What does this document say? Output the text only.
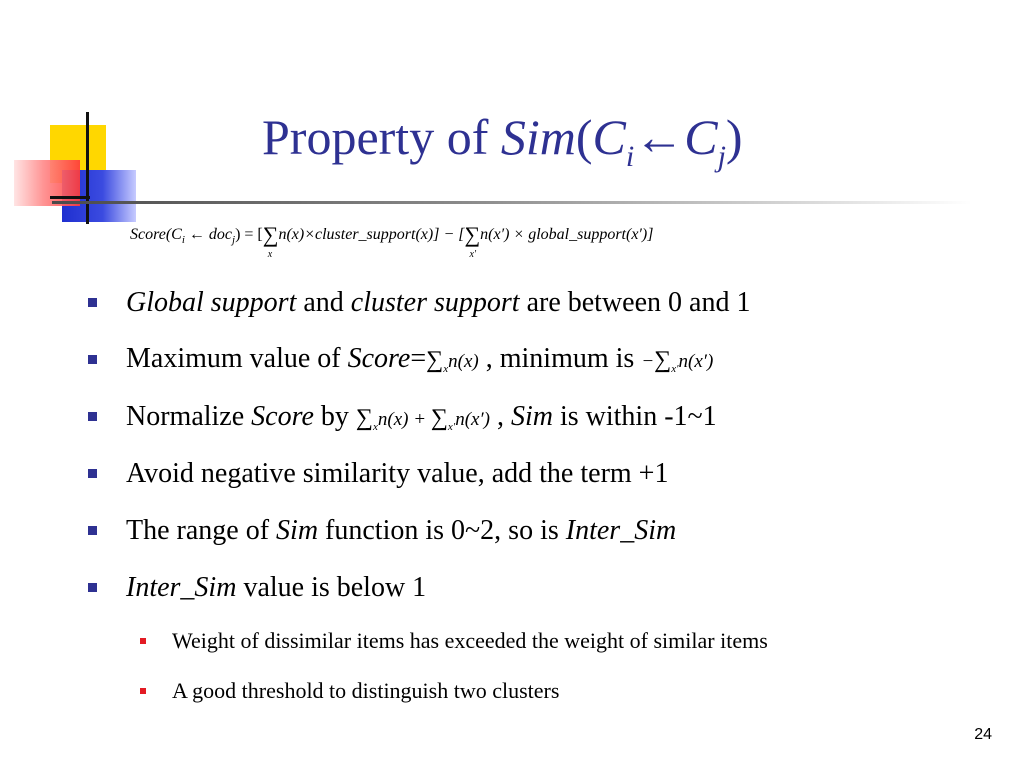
Property of $Sim(C_i\leftarrow C_j)$
$Score(C_i$ ← doc$_j$) = [∑
x
n(x)×cluster_support(x)] − [∑
x′
n(x′) × global_support(x′)]
Global support and cluster support are between 0 and 1
Maximum value of $Score=\sum_xn(x)$ , minimum is $-\sum_{x'}n(x')$
Normalize Score by $\sum_xn(x) + \sum_{x'}n(x')$ , Sim is within -1~1
Avoid negative similarity value, add the term +1
The range of Sim function is 0~2, so is Inter_Sim
Inter_Sim value is below 1
Weight of dissimilar items has exceeded the weight of similar items
A good threshold to distinguish two clusters
24
